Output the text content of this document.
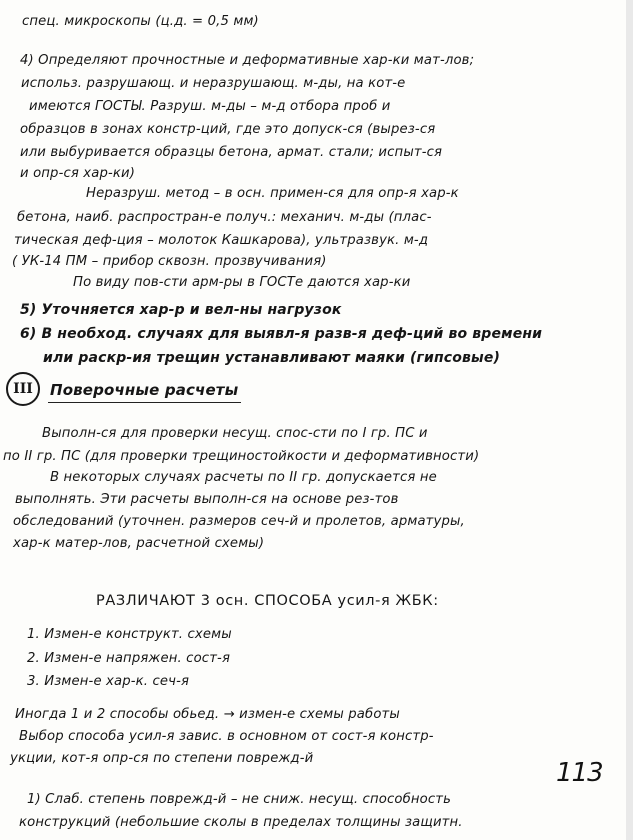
спец. микроскопы (ц.д. = 0,5 мм)
4) Определяют прочностные и деформативные хар-ки мат-лов;
использ. разрушающ. и неразрушающ. м-ды, на кот-е
имеются ГОСТЫ. Разруш. м-ды – м-д отбора проб и
образцов в зонах констр-ций, где это допуск-ся (вырез-ся
или выбуривается образцы бетона, армат. стали; испыт-ся
и опр-ся хар-ки)
Неразруш. метод – в осн. примен-ся для опр-я хар-к
бетона, наиб. распростран-е получ.: механич. м-ды (плас-
тическая деф-ция – молоток Кашкарова), ультразвук. м-д
( УК-14 ПМ – прибор сквозн. прозвучивания)
По виду пов-сти арм-ры в ГОСТе даются хар-ки
5) Уточняется хар-р и вел-ны нагрузок
6) В необход. случаях для выявл-я разв-я деф-ций во времени
или раскр-ия трещин устанавливают маяки (гипсовые)
III	Поверочные расчеты
Выполн-ся для проверки несущ. спос-сти по I гр. ПС и
по II гр. ПС (для проверки трещиностойкости и деформативности)
В некоторых случаях расчеты по II гр. допускается не
выполнять. Эти расчеты выполн-ся на основе рез-тов
обследований (уточнен. размеров сеч-й и пролетов, арматуры,
хар-к матер-лов, расчетной схемы)
РАЗЛИЧАЮТ 3 осн. СПОСОБА усил-я ЖБК:
1. Измен-е конструкт. схемы
2. Измен-е напряжен. сост-я
3. Измен-е хар-к. сеч-я
Иногда 1 и 2 способы обьед. → измен-е схемы работы
Выбор способа усил-я завис. в основном от сост-я констр-
укции, кот-я опр-ся по степени поврежд-й	113
1) Слаб. степень поврежд-й – не сниж. несущ. способность
конструкций (небольшие сколы в пределах толщины защитн.
